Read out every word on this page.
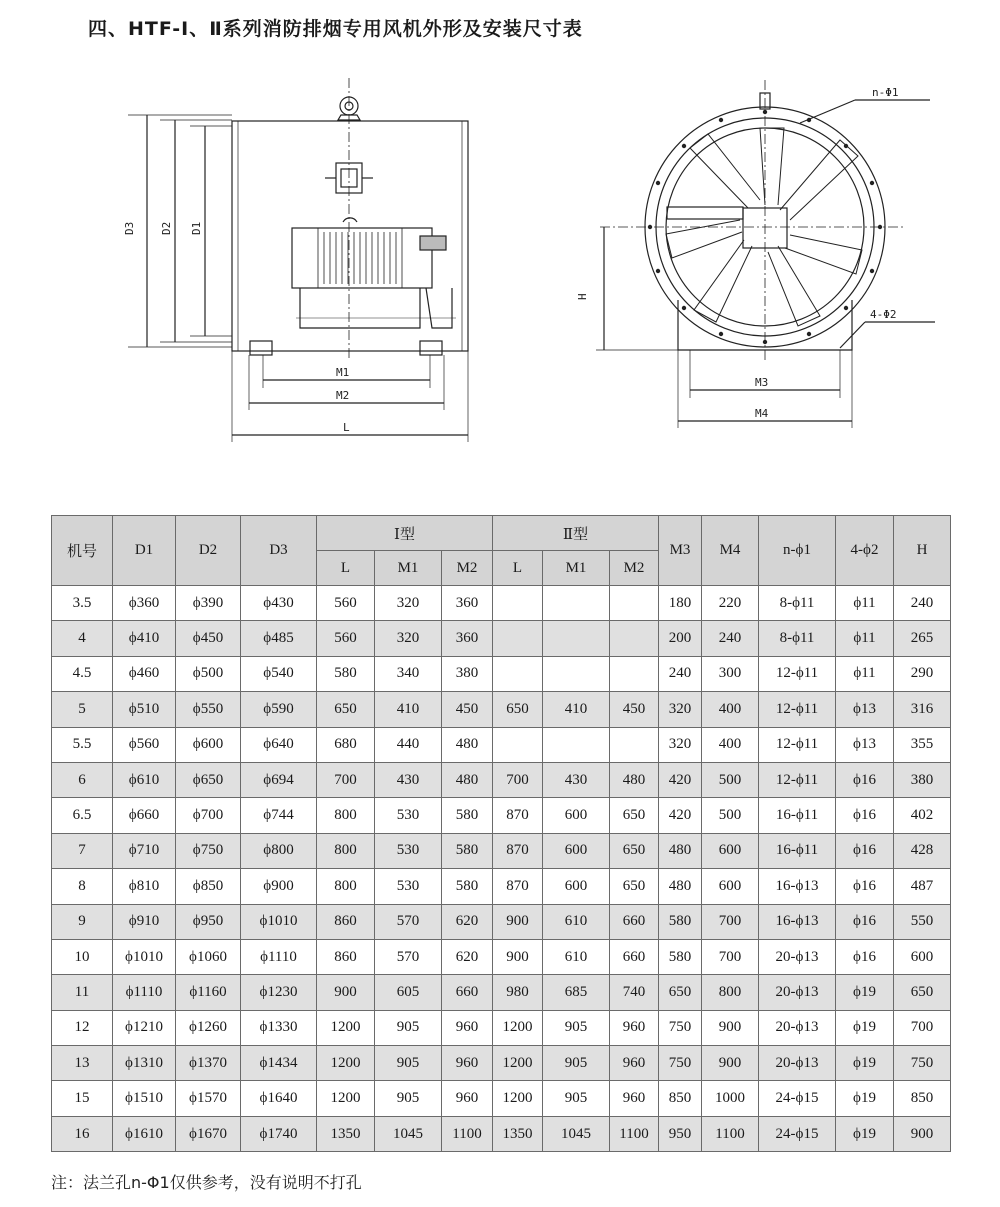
四、HTF-Ⅰ、Ⅱ系列消防排烟专用风机外形及安装尺寸表
D3 D2 D1
M1
M2
L
n-Φ1
H
4-Φ2
M3
M4
机号	D1	D2	D3	Ⅰ型			Ⅱ型			M3	M4	n-ϕ1	4-ϕ2	H
				L	M1	M2	L	M1	M2					
3.5	ϕ360	ϕ390	ϕ430	560	320	360				180	220	8-ϕ11	ϕ11	240
4	ϕ410	ϕ450	ϕ485	560	320	360				200	240	8-ϕ11	ϕ11	265
4.5	ϕ460	ϕ500	ϕ540	580	340	380				240	300	12-ϕ11	ϕ11	290
5	ϕ510	ϕ550	ϕ590	650	410	450	650	410	450	320	400	12-ϕ11	ϕ13	316
5.5	ϕ560	ϕ600	ϕ640	680	440	480				320	400	12-ϕ11	ϕ13	355
6	ϕ610	ϕ650	ϕ694	700	430	480	700	430	480	420	500	12-ϕ11	ϕ16	380
6.5	ϕ660	ϕ700	ϕ744	800	530	580	870	600	650	420	500	16-ϕ11	ϕ16	402
7	ϕ710	ϕ750	ϕ800	800	530	580	870	600	650	480	600	16-ϕ11	ϕ16	428
8	ϕ810	ϕ850	ϕ900	800	530	580	870	600	650	480	600	16-ϕ13	ϕ16	487
9	ϕ910	ϕ950	ϕ1010	860	570	620	900	610	660	580	700	16-ϕ13	ϕ16	550
10	ϕ1010	ϕ1060	ϕ1110	860	570	620	900	610	660	580	700	20-ϕ13	ϕ16	600
11	ϕ1110	ϕ1160	ϕ1230	900	605	660	980	685	740	650	800	20-ϕ13	ϕ19	650
12	ϕ1210	ϕ1260	ϕ1330	1200	905	960	1200	905	960	750	900	20-ϕ13	ϕ19	700
13	ϕ1310	ϕ1370	ϕ1434	1200	905	960	1200	905	960	750	900	20-ϕ13	ϕ19	750
15	ϕ1510	ϕ1570	ϕ1640	1200	905	960	1200	905	960	850	1000	24-ϕ15	ϕ19	850
16	ϕ1610	ϕ1670	ϕ1740	1350	1045	1100	1350	1045	1100	950	1100	24-ϕ15	ϕ19	900
注：法兰孔n-Φ1仅供参考，没有说明不打孔
